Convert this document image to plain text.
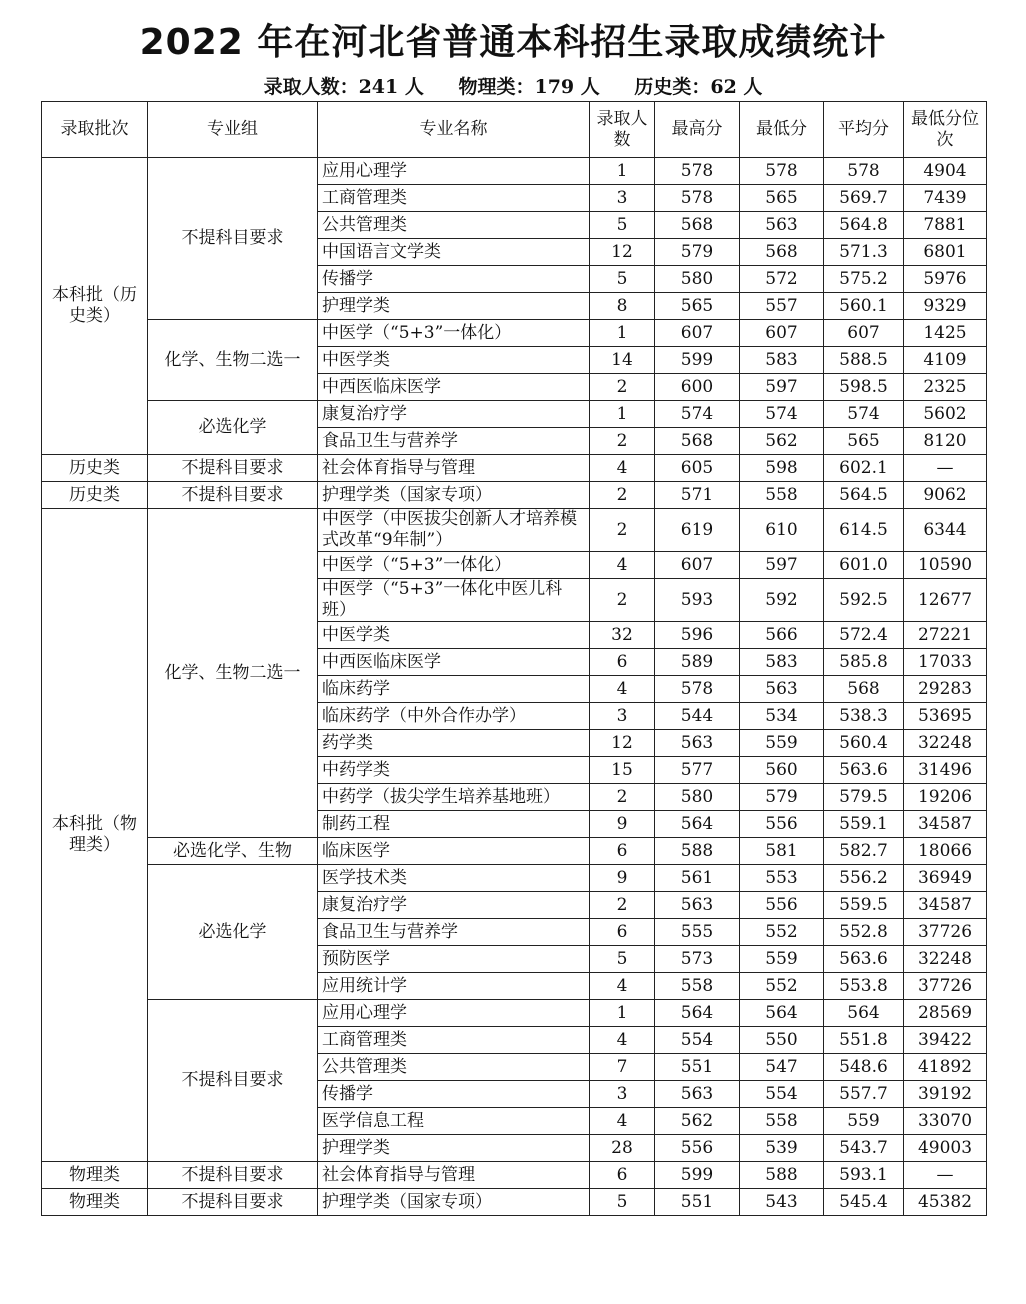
2022 年在河北省普通本科招生录取成绩统计
录取人数：241 人 物理类：179 人 历史类：62 人
录取批次	专业组	专业名称	录取人数	最高分	最低分	平均分	最低分位次
本科批（历史类）	不提科目要求	应用心理学	1	578	578	578	4904
		工商管理类	3	578	565	569.7	7439
		公共管理类	5	568	563	564.8	7881
		中国语言文学类	12	579	568	571.3	6801
		传播学	5	580	572	575.2	5976
		护理学类	8	565	557	560.1	9329
	化学、生物二选一	中医学（“5+3”一体化）	1	607	607	607	1425
		中医学类	14	599	583	588.5	4109
		中西医临床医学	2	600	597	598.5	2325
	必选化学	康复治疗学	1	574	574	574	5602
		食品卫生与营养学	2	568	562	565	8120
历史类	不提科目要求	社会体育指导与管理	4	605	598	602.1	—
历史类	不提科目要求	护理学类（国家专项）	2	571	558	564.5	9062
本科批（物理类）	化学、生物二选一	中医学（中医拔尖创新人才培养模式改革“9年制”）	2	619	610	614.5	6344
		中医学（“5+3”一体化）	4	607	597	601.0	10590
		中医学（“5+3”一体化中医儿科班）	2	593	592	592.5	12677
		中医学类	32	596	566	572.4	27221
		中西医临床医学	6	589	583	585.8	17033
		临床药学	4	578	563	568	29283
		临床药学（中外合作办学）	3	544	534	538.3	53695
		药学类	12	563	559	560.4	32248
		中药学类	15	577	560	563.6	31496
		中药学（拔尖学生培养基地班）	2	580	579	579.5	19206
		制药工程	9	564	556	559.1	34587
	必选化学、生物	临床医学	6	588	581	582.7	18066
	必选化学	医学技术类	9	561	553	556.2	36949
		康复治疗学	2	563	556	559.5	34587
		食品卫生与营养学	6	555	552	552.8	37726
		预防医学	5	573	559	563.6	32248
		应用统计学	4	558	552	553.8	37726
	不提科目要求	应用心理学	1	564	564	564	28569
		工商管理类	4	554	550	551.8	39422
		公共管理类	7	551	547	548.6	41892
		传播学	3	563	554	557.7	39192
		医学信息工程	4	562	558	559	33070
		护理学类	28	556	539	543.7	49003
物理类	不提科目要求	社会体育指导与管理	6	599	588	593.1	—
物理类	不提科目要求	护理学类（国家专项）	5	551	543	545.4	45382
